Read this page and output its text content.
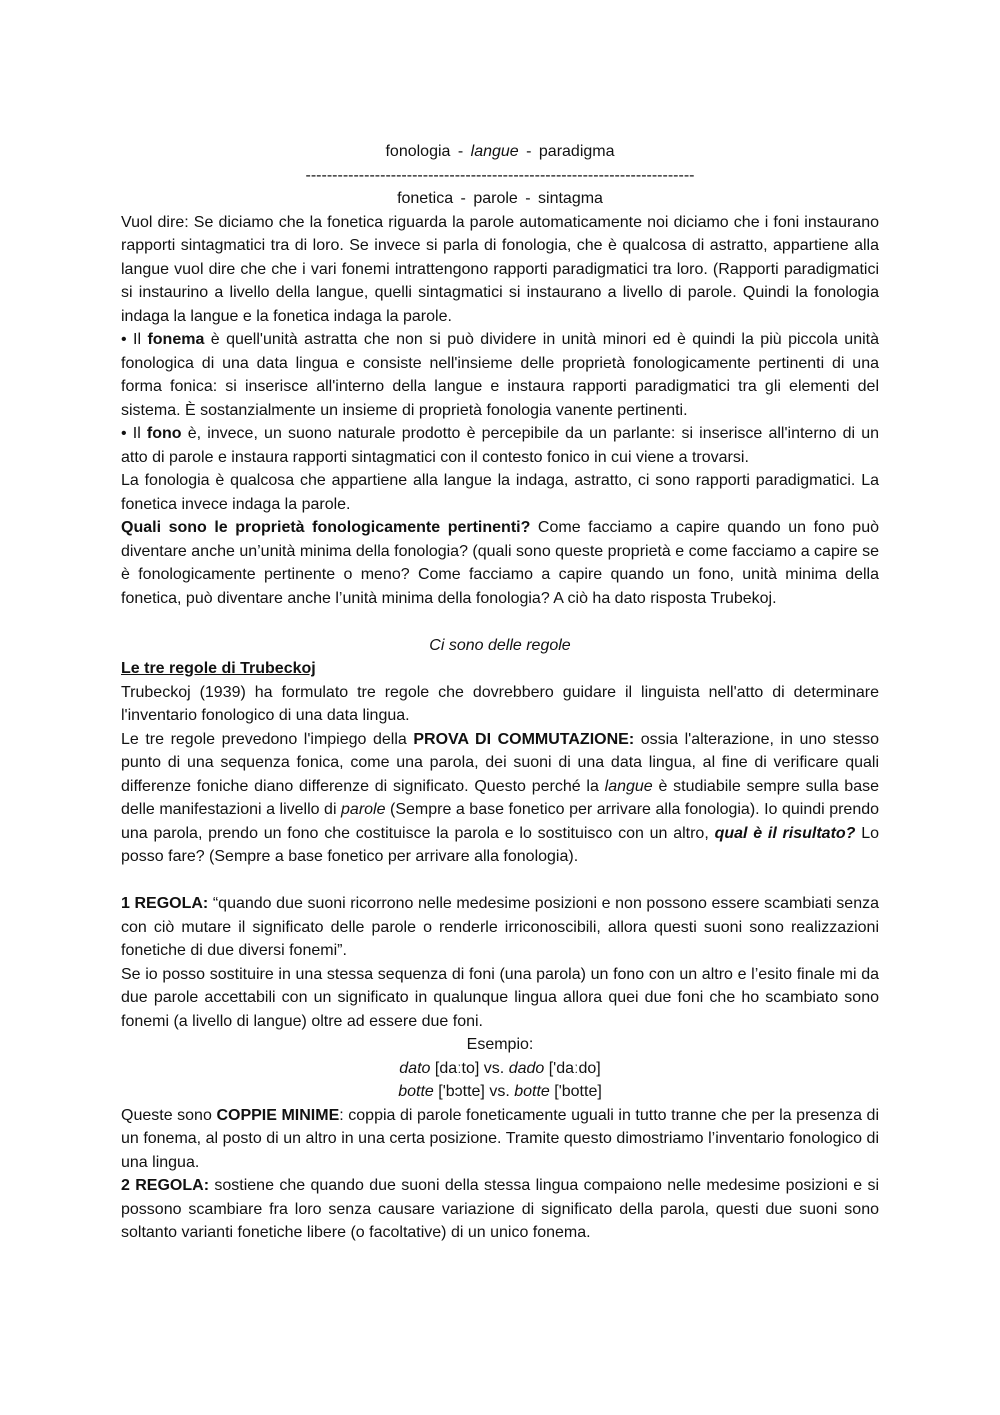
fonologia - langue - paradigma

-------------------------------------------------------------------------

fonetica - parole - sintagma

Vuol dire: Se diciamo che la fonetica riguarda la parole automaticamente noi diciamo che i foni instaurano rapporti sintagmatici tra di loro. Se invece si parla di fonologia, che è qualcosa di astratto, appartiene alla langue vuol dire che che i vari fonemi intrattengono rapporti paradigmatici tra loro. (Rapporti paradigmatici si instaurino a livello della langue, quelli sintagmatici si instaurano a livello di parole. Quindi la fonologia indaga la langue e la fonetica indaga la parole.

• Il fonema è quell'unità astratta che non si può dividere in unità minori ed è quindi la più piccola unità fonologica di una data lingua e consiste nell'insieme delle proprietà fonologicamente pertinenti di una forma fonica: si inserisce all'interno della langue e instaura rapporti paradigmatici tra gli elementi del sistema. È sostanzialmente un insieme di proprietà fonologia vanente pertinenti.

• Il fono è, invece, un suono naturale prodotto è percepibile da un parlante: si inserisce all'interno di un atto di parole e instaura rapporti sintagmatici con il contesto fonico in cui viene a trovarsi.

La fonologia è qualcosa che appartiene alla langue la indaga, astratto, ci sono rapporti paradigmatici. La fonetica invece indaga la parole.

Quali sono le proprietà fonologicamente pertinenti? Come facciamo a capire quando un fono può diventare anche un’unità minima della fonologia? (quali sono queste proprietà e come facciamo a capire se è fonologicamente pertinente o meno? Come facciamo a capire quando un fono, unità minima della fonetica, può diventare anche l’unità minima della fonologia? A ciò ha dato risposta Trubekoj.

Ci sono delle regole

Le tre regole di Trubeckoj

Trubeckoj (1939) ha formulato tre regole che dovrebbero guidare il linguista nell'atto di determinare l'inventario fonologico di una data lingua.

Le tre regole prevedono l'impiego della PROVA DI COMMUTAZIONE: ossia l'alterazione, in uno stesso punto di una sequenza fonica, come una parola, dei suoni di una data lingua, al fine di verificare quali differenze foniche diano differenze di significato. Questo perché la langue è studiabile sempre sulla base delle manifestazioni a livello di parole (Sempre a base fonetico per arrivare alla fonologia). Io quindi prendo una parola, prendo un fono che costituisce la parola e lo sostituisco con un altro, qual è il risultato? Lo posso fare? (Sempre a base fonetico per arrivare alla fonologia).

1 REGOLA: “quando due suoni ricorrono nelle medesime posizioni e non possono essere scambiati senza con ciò mutare il significato delle parole o renderle irriconoscibili, allora questi suoni sono realizzazioni fonetiche di due diversi fonemi”.

Se io posso sostituire in una stessa sequenza di foni (una parola) un fono con un altro e l’esito finale mi da due parole accettabili con un significato in qualunque lingua allora quei due foni che ho scambiato sono fonemi (a livello di langue) oltre ad essere due foni.

Esempio:

dato [daːto] vs. dado ['daːdo]

botte ['bɔtte] vs. botte ['botte]

Queste sono COPPIE MINIME: coppia di parole foneticamente uguali in tutto tranne che per la presenza di un fonema, al posto di un altro in una certa posizione. Tramite questo dimostriamo l’inventario fonologico di una lingua.

2 REGOLA: sostiene che quando due suoni della stessa lingua compaiono nelle medesime posizioni e si possono scambiare fra loro senza causare variazione di significato della parola, questi due suoni sono soltanto varianti fonetiche libere (o facoltative) di un unico fonema.
